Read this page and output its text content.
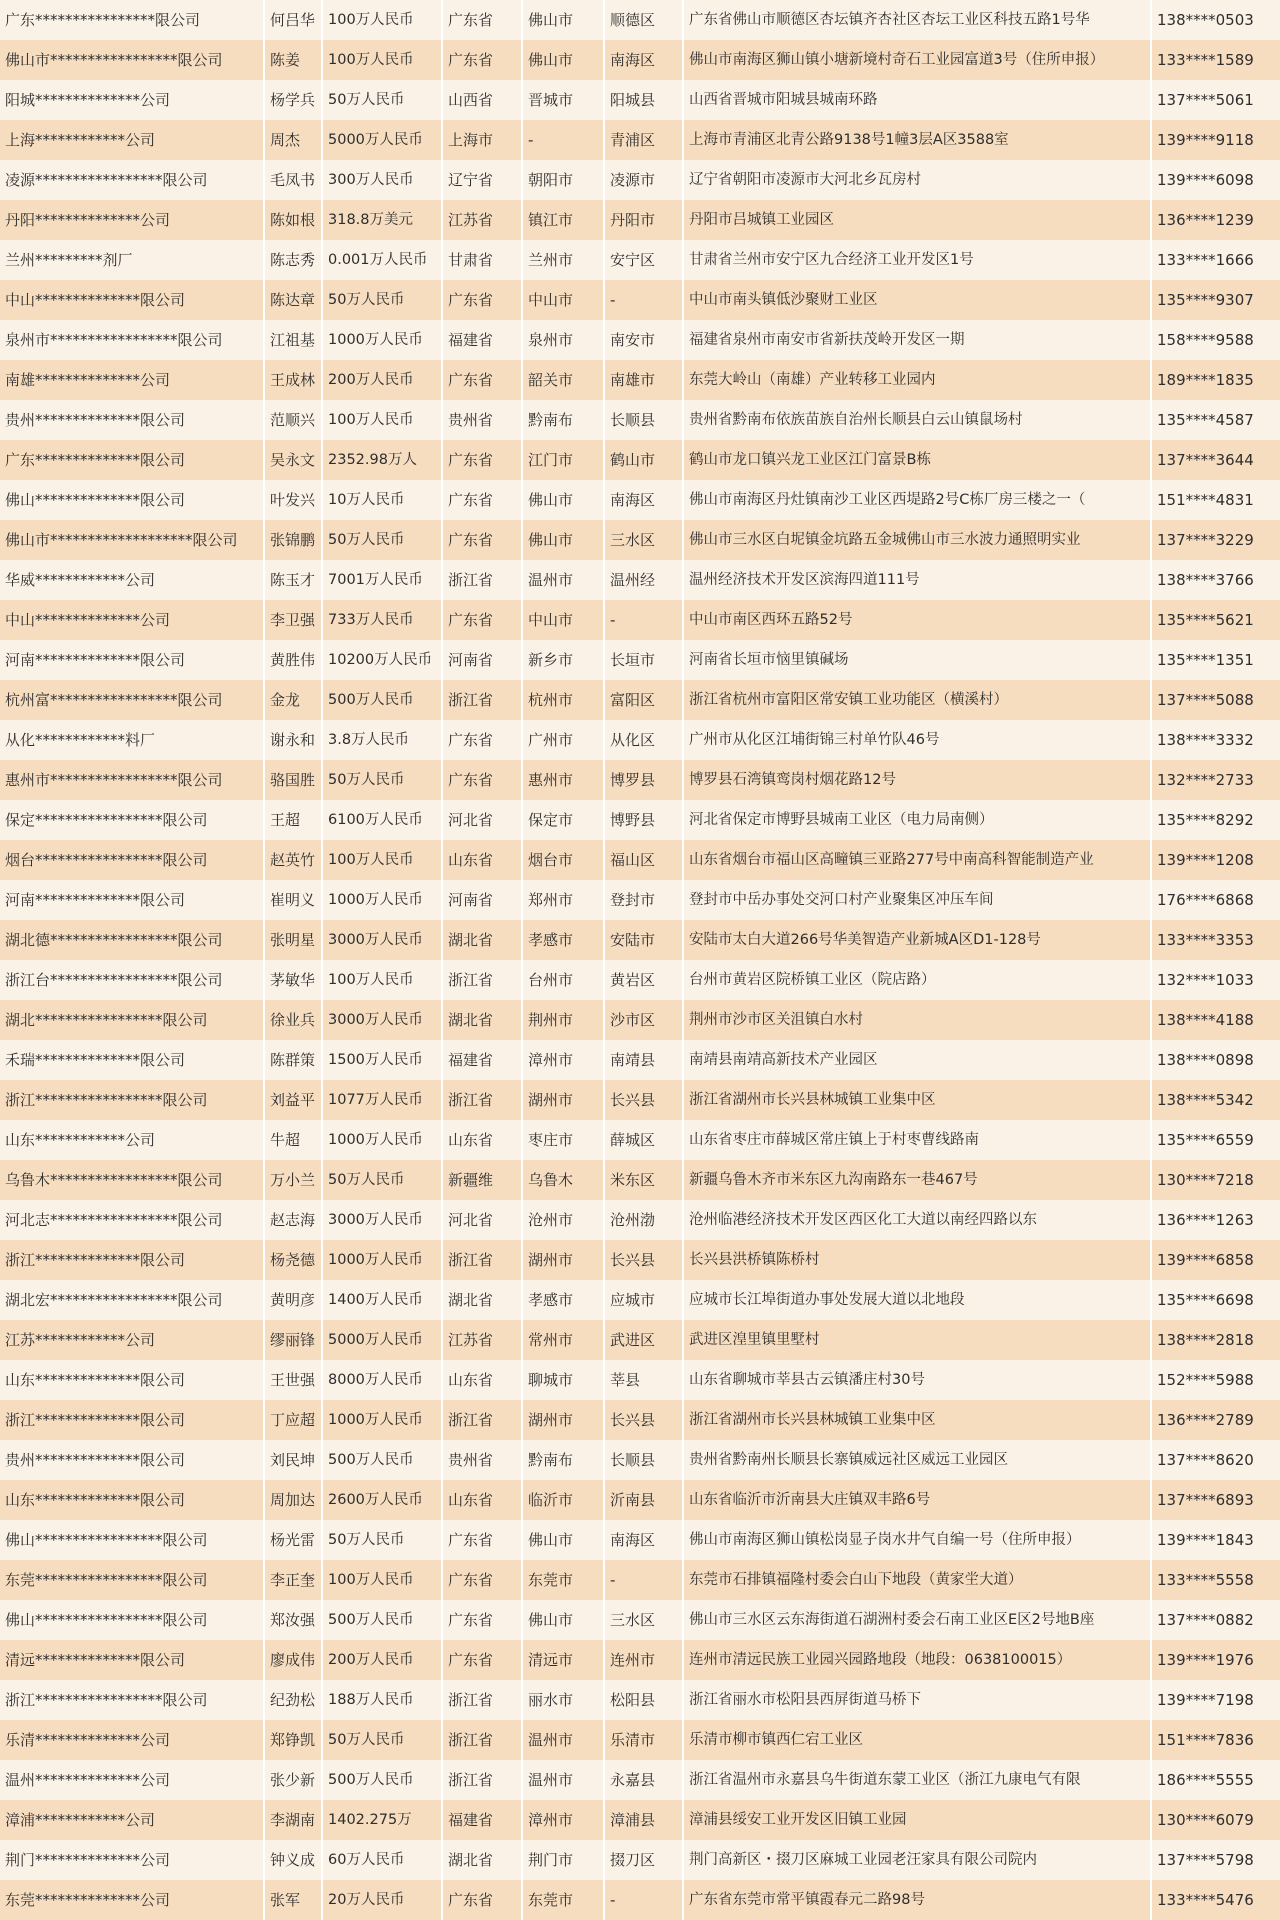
广东****************限公司	何吕华 100万人民币	广东省	佛山市	顺德区	广东省佛山市顺德区杏坛镇齐杏社区杏坛工业区科技五路1号华	138****0503
佛山市*****************限公司	陈姜	100万人民币	广东省	佛山市	南海区	佛山市南海区狮山镇小塘新境村奇石工业园富道3号（住所申报）	133****1589
阳城**************公司	杨学兵 50万人民币	山西省	晋城市	阳城县	山西省晋城市阳城县城南环路	137****5061
上海************公司	周杰	5000万人民币	上海市	-	青浦区	上海市青浦区北青公路9138号1幢3层A区3588室	139****9118
凌源*****************限公司	毛凤书 300万人民币	辽宁省	朝阳市	凌源市	辽宁省朝阳市凌源市大河北乡瓦房村	139****6098
丹阳**************公司	陈如根 318.8万美元	江苏省	镇江市	丹阳市	丹阳市吕城镇工业园区	136****1239
兰州*********剂厂	陈志秀 0.001万人民币	甘肃省	兰州市	安宁区	甘肃省兰州市安宁区九合经济工业开发区1号	133****1666
中山**************限公司	陈达章 50万人民币	广东省	中山市	-	中山市南头镇低沙聚财工业区	135****9307
泉州市*****************限公司	江祖基 1000万人民币	福建省	泉州市	南安市	福建省泉州市南安市省新扶茂岭开发区一期	158****9588
南雄**************公司	王成林 200万人民币	广东省	韶关市	南雄市	东莞大岭山（南雄）产业转移工业园内	189****1835
贵州**************限公司	范顺兴 100万人民币	贵州省	黔南布	长顺县	贵州省黔南布依族苗族自治州长顺县白云山镇鼠场村	135****4587
广东**************限公司	吴永文 2352.98万人	广东省	江门市	鹤山市	鹤山市龙口镇兴龙工业区江门富景B栋	137****3644
佛山**************限公司	叶发兴 10万人民币	广东省	佛山市	南海区	佛山市南海区丹灶镇南沙工业区西堤路2号C栋厂房三楼之一（	151****4831
佛山市*******************限公司	张锦鹏 50万人民币	广东省	佛山市	三水区	佛山市三水区白坭镇金坑路五金城佛山市三水波力通照明实业	137****3229
华威************公司	陈玉才 7001万人民币	浙江省	温州市	温州经	温州经济技术开发区滨海四道111号	138****3766
中山**************公司	李卫强 733万人民币	广东省	中山市	-	中山市南区西环五路52号	135****5621
河南**************限公司	黄胜伟 10200万人民币	河南省	新乡市	长垣市	河南省长垣市恼里镇碱场	135****1351
杭州富*****************限公司	金龙	500万人民币	浙江省	杭州市	富阳区	浙江省杭州市富阳区常安镇工业功能区（横溪村）	137****5088
从化************料厂	谢永和 3.8万人民币	广东省	广州市	从化区	广州市从化区江埔街锦三村单竹队46号	138****3332
惠州市*****************限公司	骆国胜 50万人民币	广东省	惠州市	博罗县	博罗县石湾镇鸾岗村烟花路12号	132****2733
保定*****************限公司	王超	6100万人民币	河北省	保定市	博野县	河北省保定市博野县城南工业区（电力局南侧）	135****8292
烟台*****************限公司	赵英竹 100万人民币	山东省	烟台市	福山区	山东省烟台市福山区高疃镇三亚路277号中南高科智能制造产业	139****1208
河南**************限公司	崔明义 1000万人民币	河南省	郑州市	登封市	登封市中岳办事处交河口村产业聚集区冲压车间	176****6868
湖北德*****************限公司	张明星 3000万人民币	湖北省	孝感市	安陆市	安陆市太白大道266号华美智造产业新城A区D1-128号	133****3353
浙江台*****************限公司	茅敏华 100万人民币	浙江省	台州市	黄岩区	台州市黄岩区院桥镇工业区（院店路）	132****1033
湖北*****************限公司	徐业兵 3000万人民币	湖北省	荆州市	沙市区	荆州市沙市区关沮镇白水村	138****4188
禾瑞**************限公司	陈群策 1500万人民币	福建省	漳州市	南靖县	南靖县南靖高新技术产业园区	138****0898
浙江*****************限公司	刘益平 1077万人民币	浙江省	湖州市	长兴县	浙江省湖州市长兴县林城镇工业集中区	138****5342
山东************公司	牛超	1000万人民币	山东省	枣庄市	薛城区	山东省枣庄市薛城区常庄镇上于村枣曹线路南	135****6559
乌鲁木*****************限公司	万小兰 50万人民币	新疆维	乌鲁木	米东区	新疆乌鲁木齐市米东区九沟南路东一巷467号	130****7218
河北志*****************限公司	赵志海 3000万人民币	河北省	沧州市	沧州渤	沧州临港经济技术开发区西区化工大道以南经四路以东	136****1263
浙江**************限公司	杨尧德 1000万人民币	浙江省	湖州市	长兴县	长兴县洪桥镇陈桥村	139****6858
湖北宏*****************限公司	黄明彦 1400万人民币	湖北省	孝感市	应城市	应城市长江埠街道办事处发展大道以北地段	135****6698
江苏************公司	缪丽锋 5000万人民币	江苏省	常州市	武进区	武进区湟里镇里墅村	138****2818
山东**************限公司	王世强 8000万人民币	山东省	聊城市	莘县	山东省聊城市莘县古云镇潘庄村30号	152****5988
浙江**************限公司	丁应超 1000万人民币	浙江省	湖州市	长兴县	浙江省湖州市长兴县林城镇工业集中区	136****2789
贵州**************限公司	刘民坤 500万人民币	贵州省	黔南布	长顺县	贵州省黔南州长顺县长寨镇威远社区威远工业园区	137****8620
山东**************限公司	周加达 2600万人民币	山东省	临沂市	沂南县	山东省临沂市沂南县大庄镇双丰路6号	137****6893
佛山*****************限公司	杨光雷 50万人民币	广东省	佛山市	南海区	佛山市南海区狮山镇松岗显子岗水井气自编一号（住所申报）	139****1843
东莞*****************限公司	李正奎 100万人民币	广东省	东莞市	-	东莞市石排镇福隆村委会白山下地段（黄家坣大道）	133****5558
佛山*****************限公司	郑汝强 500万人民币	广东省	佛山市	三水区	佛山市三水区云东海街道石湖洲村委会石南工业区E区2号地B座	137****0882
清远**************限公司	廖成伟 200万人民币	广东省	清远市	连州市	连州市清远民族工业园兴园路地段（地段：0638100015）	139****1976
浙江*****************限公司	纪劲松 188万人民币	浙江省	丽水市	松阳县	浙江省丽水市松阳县西屏街道马桥下	139****7198
乐清**************公司	郑铮凯 50万人民币	浙江省	温州市	乐清市	乐清市柳市镇西仁宕工业区	151****7836
温州**************公司	张少新 500万人民币	浙江省	温州市	永嘉县	浙江省温州市永嘉县乌牛街道东蒙工业区（浙江九康电气有限	186****5555
漳浦************公司	李湖南 1402.275万	福建省	漳州市	漳浦县	漳浦县绥安工业开发区旧镇工业园	130****6079
荆门**************公司	钟义成 60万人民币	湖北省	荆门市	掇刀区	荆门高新区・掇刀区麻城工业园老汪家具有限公司院内	137****5798
东莞**************公司	张军	20万人民币	广东省	东莞市	-	广东省东莞市常平镇霞春元二路98号	133****5476
